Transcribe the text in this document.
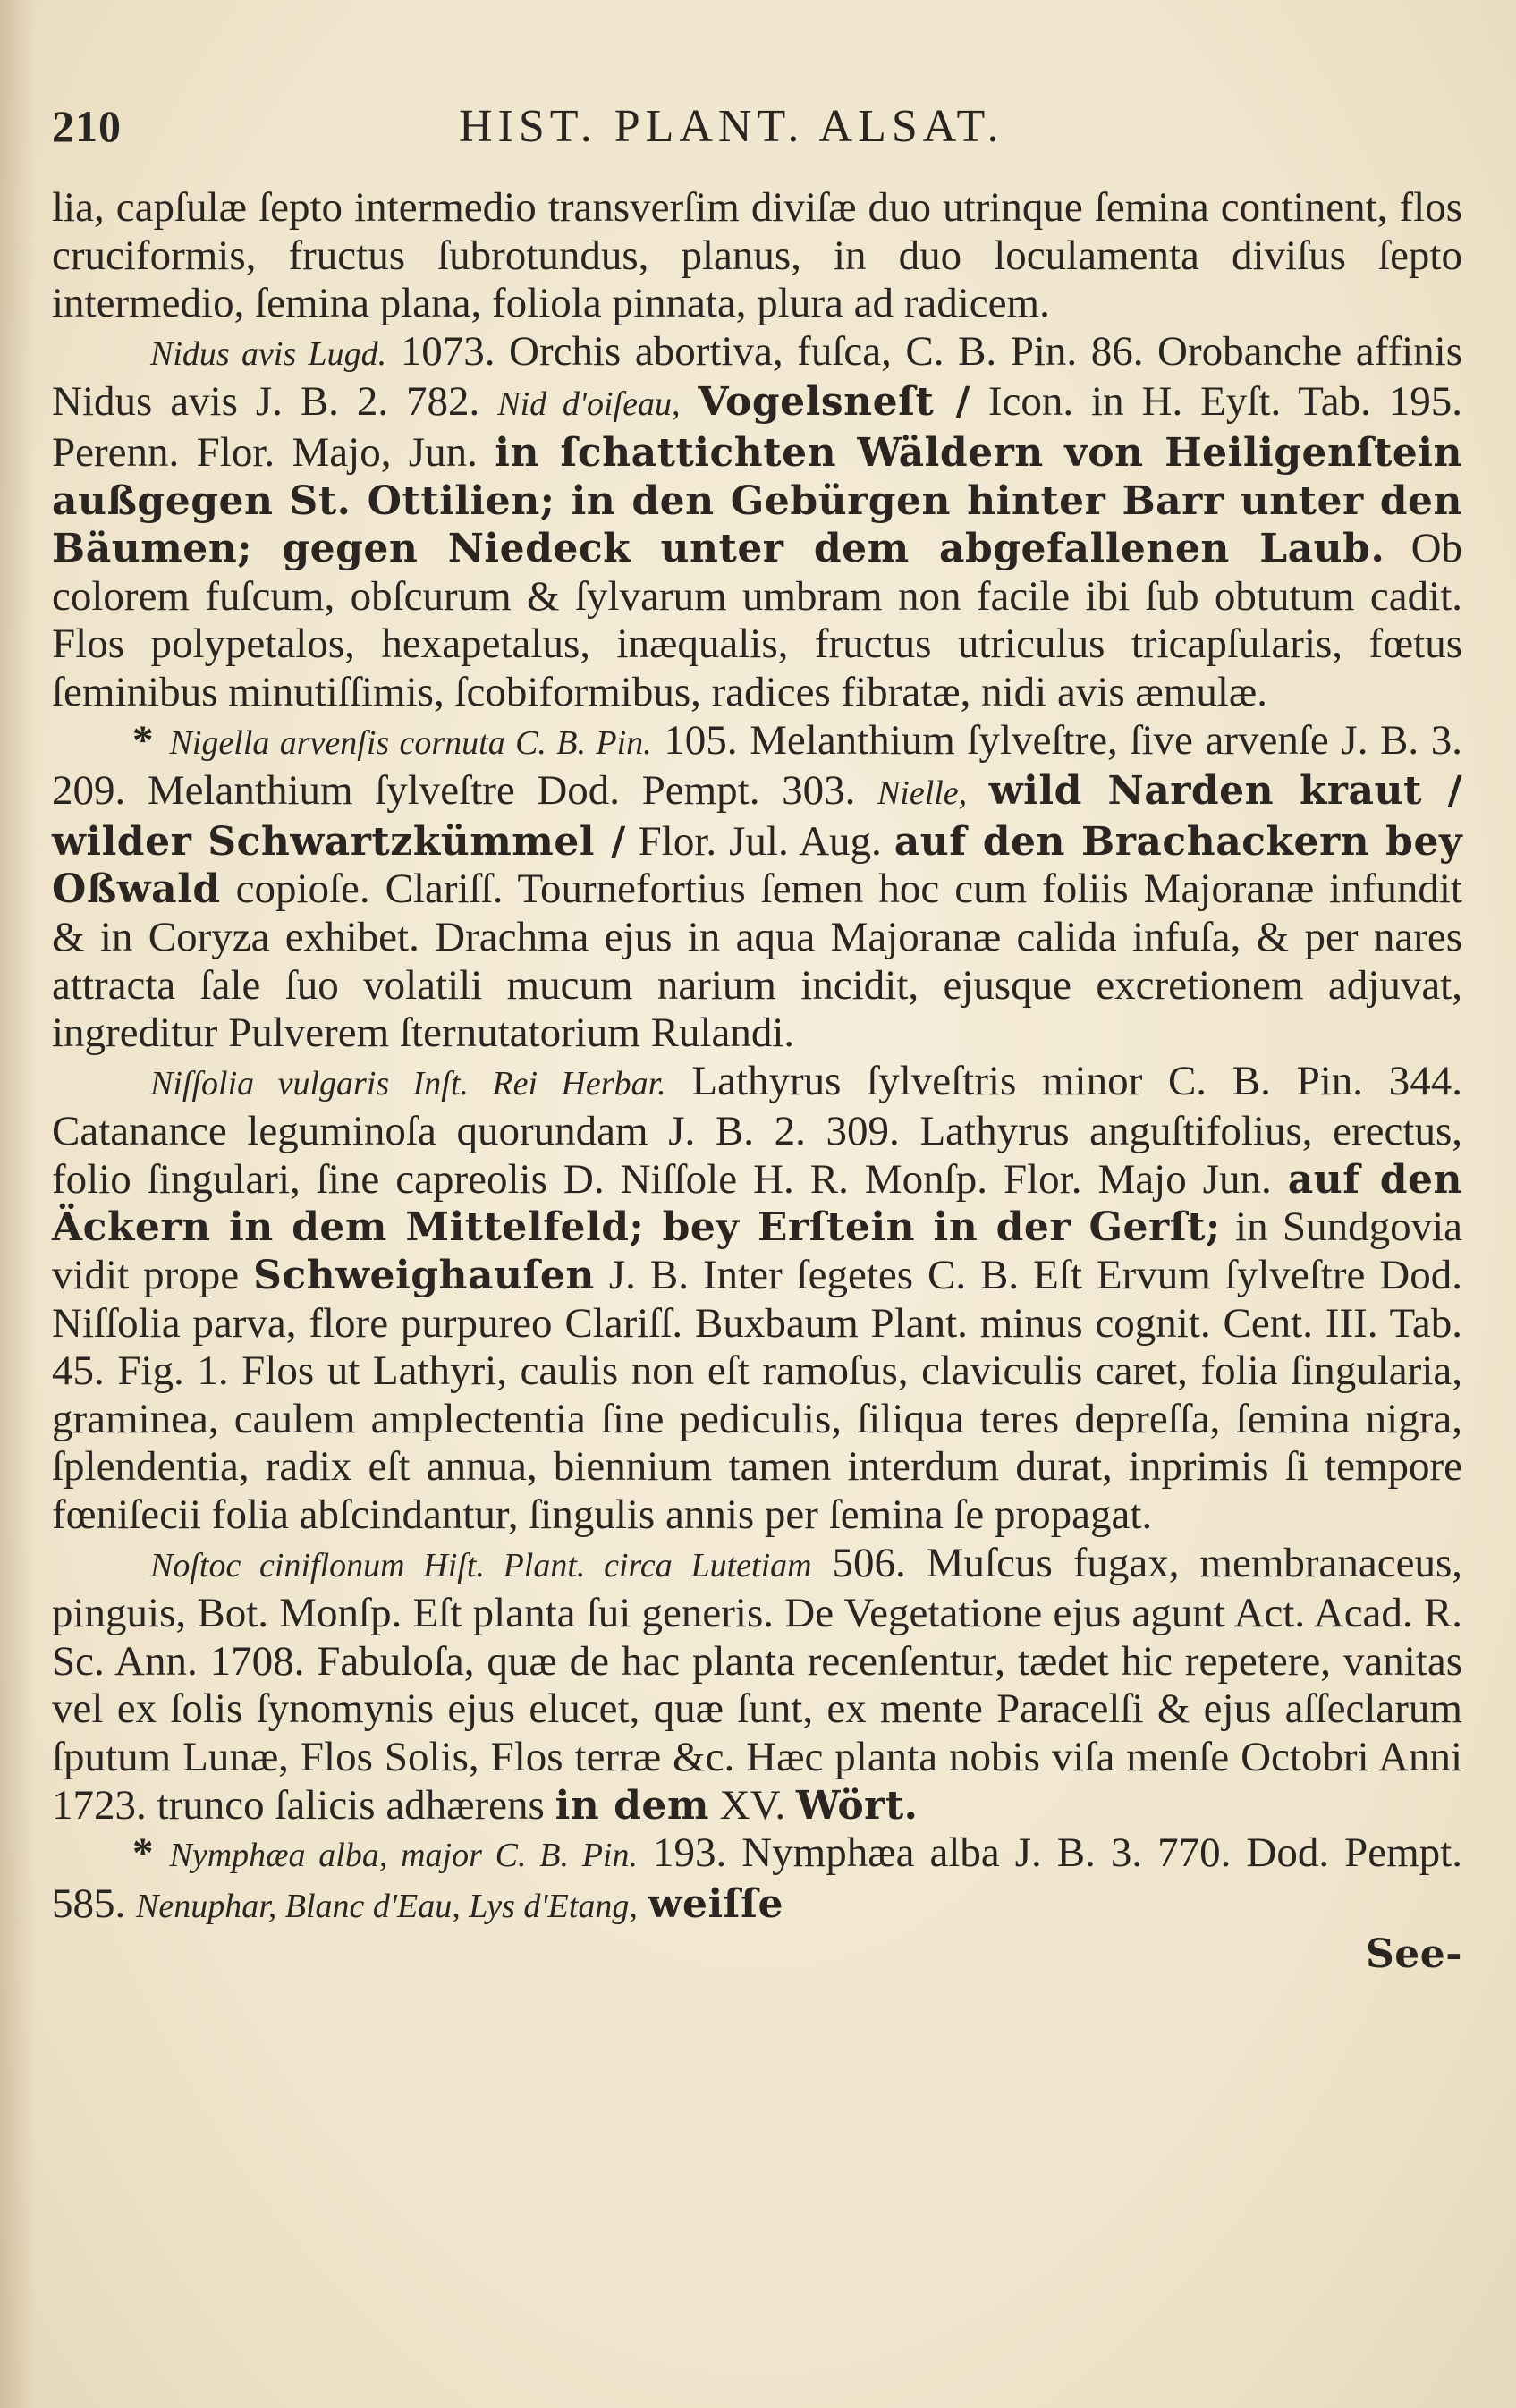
210	HIST. PLANT. ALSAT.

lia, capſulæ ſepto intermedio transverſim diviſæ duo utrinque ſemina continent, flos cruciformis, fructus ſubrotundus, planus, in duo loculamenta diviſus ſepto intermedio, ſemina plana, foliola pinnata, plura ad radicem.

Nidus avis Lugd. 1073. Orchis abortiva, fuſca, C. B. Pin. 86. Orobanche affinis Nidus avis J. B. 2. 782. Nid d'oiſeau, Vogelsneſt / Icon. in H. Eyſt. Tab. 195. Perenn. Flor. Majo, Jun. in ſchattichten Wäldern von Heiligenſtein außgegen St. Ottilien; in den Gebürgen hinter Barr unter den Bäumen; gegen Niedeck unter dem abgefallenen Laub. Ob colorem fuſcum, obſcurum & ſylvarum umbram non facile ibi ſub obtutum cadit. Flos polypetalos, hexapetalus, inæqualis, fructus utriculus tricapſularis, fœtus ſeminibus minutiſſimis, ſcobiformibus, radices fibratæ, nidi avis æmulæ.

* Nigella arvenſis cornuta C. B. Pin. 105. Melanthium ſylveſtre, ſive arvenſe J. B. 3. 209. Melanthium ſylveſtre Dod. Pempt. 303. Nielle, wild Narden kraut / wilder Schwartzkümmel / Flor. Jul. Aug. auf den Brachackern bey Oßwald copioſe. Clariſſ. Tournefortius ſemen hoc cum foliis Majoranæ infundit & in Coryza exhibet. Drachma ejus in aqua Majoranæ calida infuſa, & per nares attracta ſale ſuo volatili mucum narium incidit, ejusque excretionem adjuvat, ingreditur Pulverem ſternutatorium Rulandi.

Niſſolia vulgaris Inſt. Rei Herbar. Lathyrus ſylveſtris minor C. B. Pin. 344. Catanance leguminoſa quorundam J. B. 2. 309. Lathyrus anguſtifolius, erectus, folio ſingulari, ſine capreolis D. Niſſole H. R. Monſp. Flor. Majo Jun. auf den Äckern in dem Mittelfeld; bey Erſtein in der Gerſt; in Sundgovia vidit prope Schweighauſen J. B. Inter ſegetes C. B. Eſt Ervum ſylveſtre Dod. Niſſolia parva, flore purpureo Clariſſ. Buxbaum Plant. minus cognit. Cent. III. Tab. 45. Fig. 1. Flos ut Lathyri, caulis non eſt ramoſus, claviculis caret, folia ſingularia, graminea, caulem amplectentia ſine pediculis, ſiliqua teres depreſſa, ſemina nigra, ſplendentia, radix eſt annua, biennium tamen interdum durat, inprimis ſi tempore fœniſecii folia abſcindantur, ſingulis annis per ſemina ſe propagat.

Noſtoc ciniflonum Hiſt. Plant. circa Lutetiam 506. Muſcus fugax, membranaceus, pinguis, Bot. Monſp. Eſt planta ſui generis. De Vegetatione ejus agunt Act. Acad. R. Sc. Ann. 1708. Fabuloſa, quæ de hac planta recenſentur, tædet hic repetere, vanitas vel ex ſolis ſynomynis ejus elucet, quæ ſunt, ex mente Paracelſi & ejus aſſeclarum ſputum Lunæ, Flos Solis, Flos terræ &c. Hæc planta nobis viſa menſe Octobri Anni 1723. trunco ſalicis adhærens in dem XV. Wört.

* Nymphæa alba, major C. B. Pin. 193. Nymphæa alba J. B. 3. 770. Dod. Pempt. 585. Nenuphar, Blanc d'Eau, Lys d'Etang, weiſſe

See-
